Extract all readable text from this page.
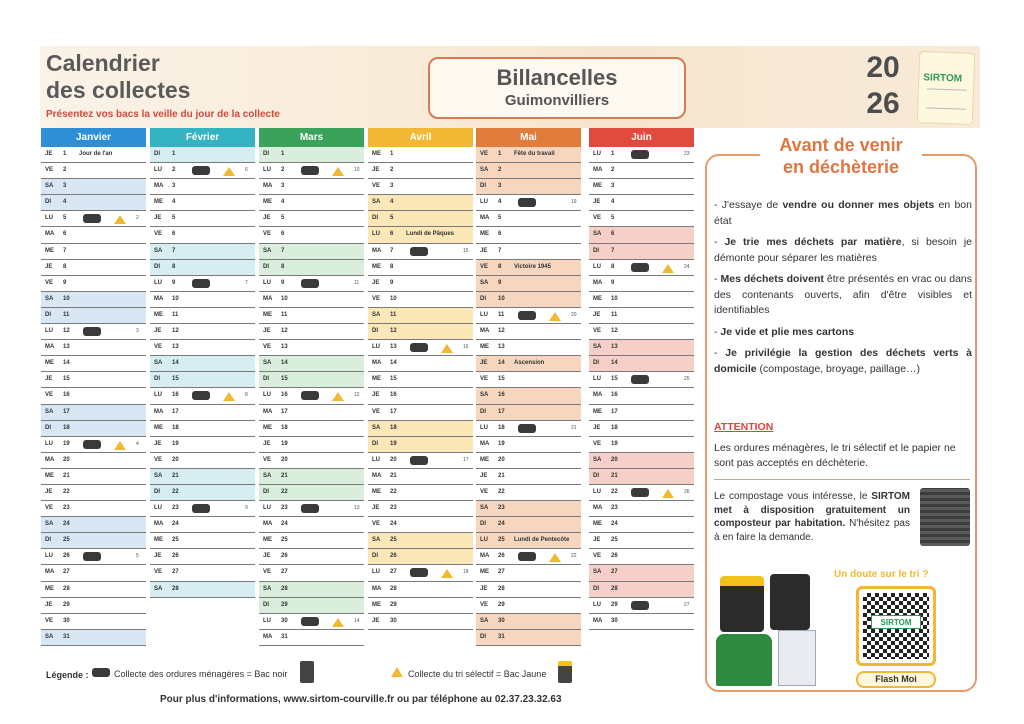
Calendrier
des collectes
Présentez vos bacs la veille du jour de la collecte
Billancelles
Guimonvilliers
20
26
SIRTOM
Janvier
JE 1 Jour de l'an
VE 2
SA 3
DI 4
LU 5	2
MA 6
ME 7
JE 8
VE 9
SA 10
DI 11
LU 12	3
MA 13
ME 14
JE 15
VE 16
SA 17
DI 18
LU 19	4
MA 20
ME 21
JE 22
VE 23
SA 24
DI 25
LU 26	5
MA 27
ME 28
JE 29
VE 30
SA 31
Février
DI 1
LU 2	6
MA 3
ME 4
JE 5
VE 6
SA 7
DI 8
LU 9	7
MA 10
ME 11
JE 12
VE 13
SA 14
DI 15
LU 16	8
MA 17
ME 18
JE 19
VE 20
SA 21
DI 22
LU 23	9
MA 24
ME 25
JE 26
VE 27
SA 28
Mars
DI 1
LU 2	10
MA 3
ME 4
JE 5
VE 6
SA 7
DI 8
LU 9	11
MA 10
ME 11
JE 12
VE 13
SA 14
DI 15
LU 16	12
MA 17
ME 18
JE 19
VE 20
SA 21
DI 22
LU 23	13
MA 24
ME 25
JE 26
VE 27
SA 28
DI 29
LU 30	14
MA 31
Avril
ME 1
JE 2
VE 3
SA 4
DI 5
LU 6 Lundi de Pâques
MA 7	15
ME 8
JE 9
VE 10
SA 11
DI 12
LU 13	16
MA 14
ME 15
JE 16
VE 17
SA 18
DI 19
LU 20	17
MA 21
ME 22
JE 23
VE 24
SA 25
DI 26
LU 27	18
MA 28
ME 29
JE 30
Mai
VE 1 Fête du travail
SA 2
DI 3
LU 4	19
MA 5
ME 6
JE 7
VE 8 Victoire 1945
SA 9
DI 10
LU 11	20
MA 12
ME 13
JE 14 Ascension
VE 15
SA 16
DI 17
LU 18	21
MA 19
ME 20
JE 21
VE 22
SA 23
DI 24
LU 25 Lundi de Pentecôte
MA 26	22
ME 27
JE 28
VE 29
SA 30
DI 31
Juin
LU 1	23
MA 2
ME 3
JE 4
VE 5
SA 6
DI 7
LU 8	24
MA 9
ME 10
JE 11
VE 12
SA 13
DI 14
LU 15	25
MA 16
ME 17
JE 18
VE 19
SA 20
DI 21
LU 22	26
MA 23
ME 24
JE 25
VE 26
SA 27
DI 28
LU 29	27
MA 30
Légende :	Collecte des ordures ménagères = Bac noir	Collecte du tri sélectif = Bac Jaune
Pour plus d'informations, www.sirtom-courville.fr ou par téléphone au 02.37.23.32.63
Avant de venir
en déchèterie

- J'essaye de vendre ou donner mes objets en bon état

- Je trie mes déchets par matière, si besoin je démonte pour séparer les matières

- Mes déchets doivent être présentés en vrac ou dans des contenants ouverts, afin d'être visibles et identifiables

- Je vide et plie mes cartons

- Je privilégie la gestion des déchets verts à domicile (compostage, broyage, paillage…)

ATTENTION
Les ordures ménagères, le tri sélectif et le papier ne sont pas acceptés en déchèterie.
Le compostage vous intéresse, le SIRTOM met à disposition gratuitement un composteur par habitation. N'hésitez pas à en faire la demande.
Un doute sur le tri ?
SIRTOM
Flash Moi
